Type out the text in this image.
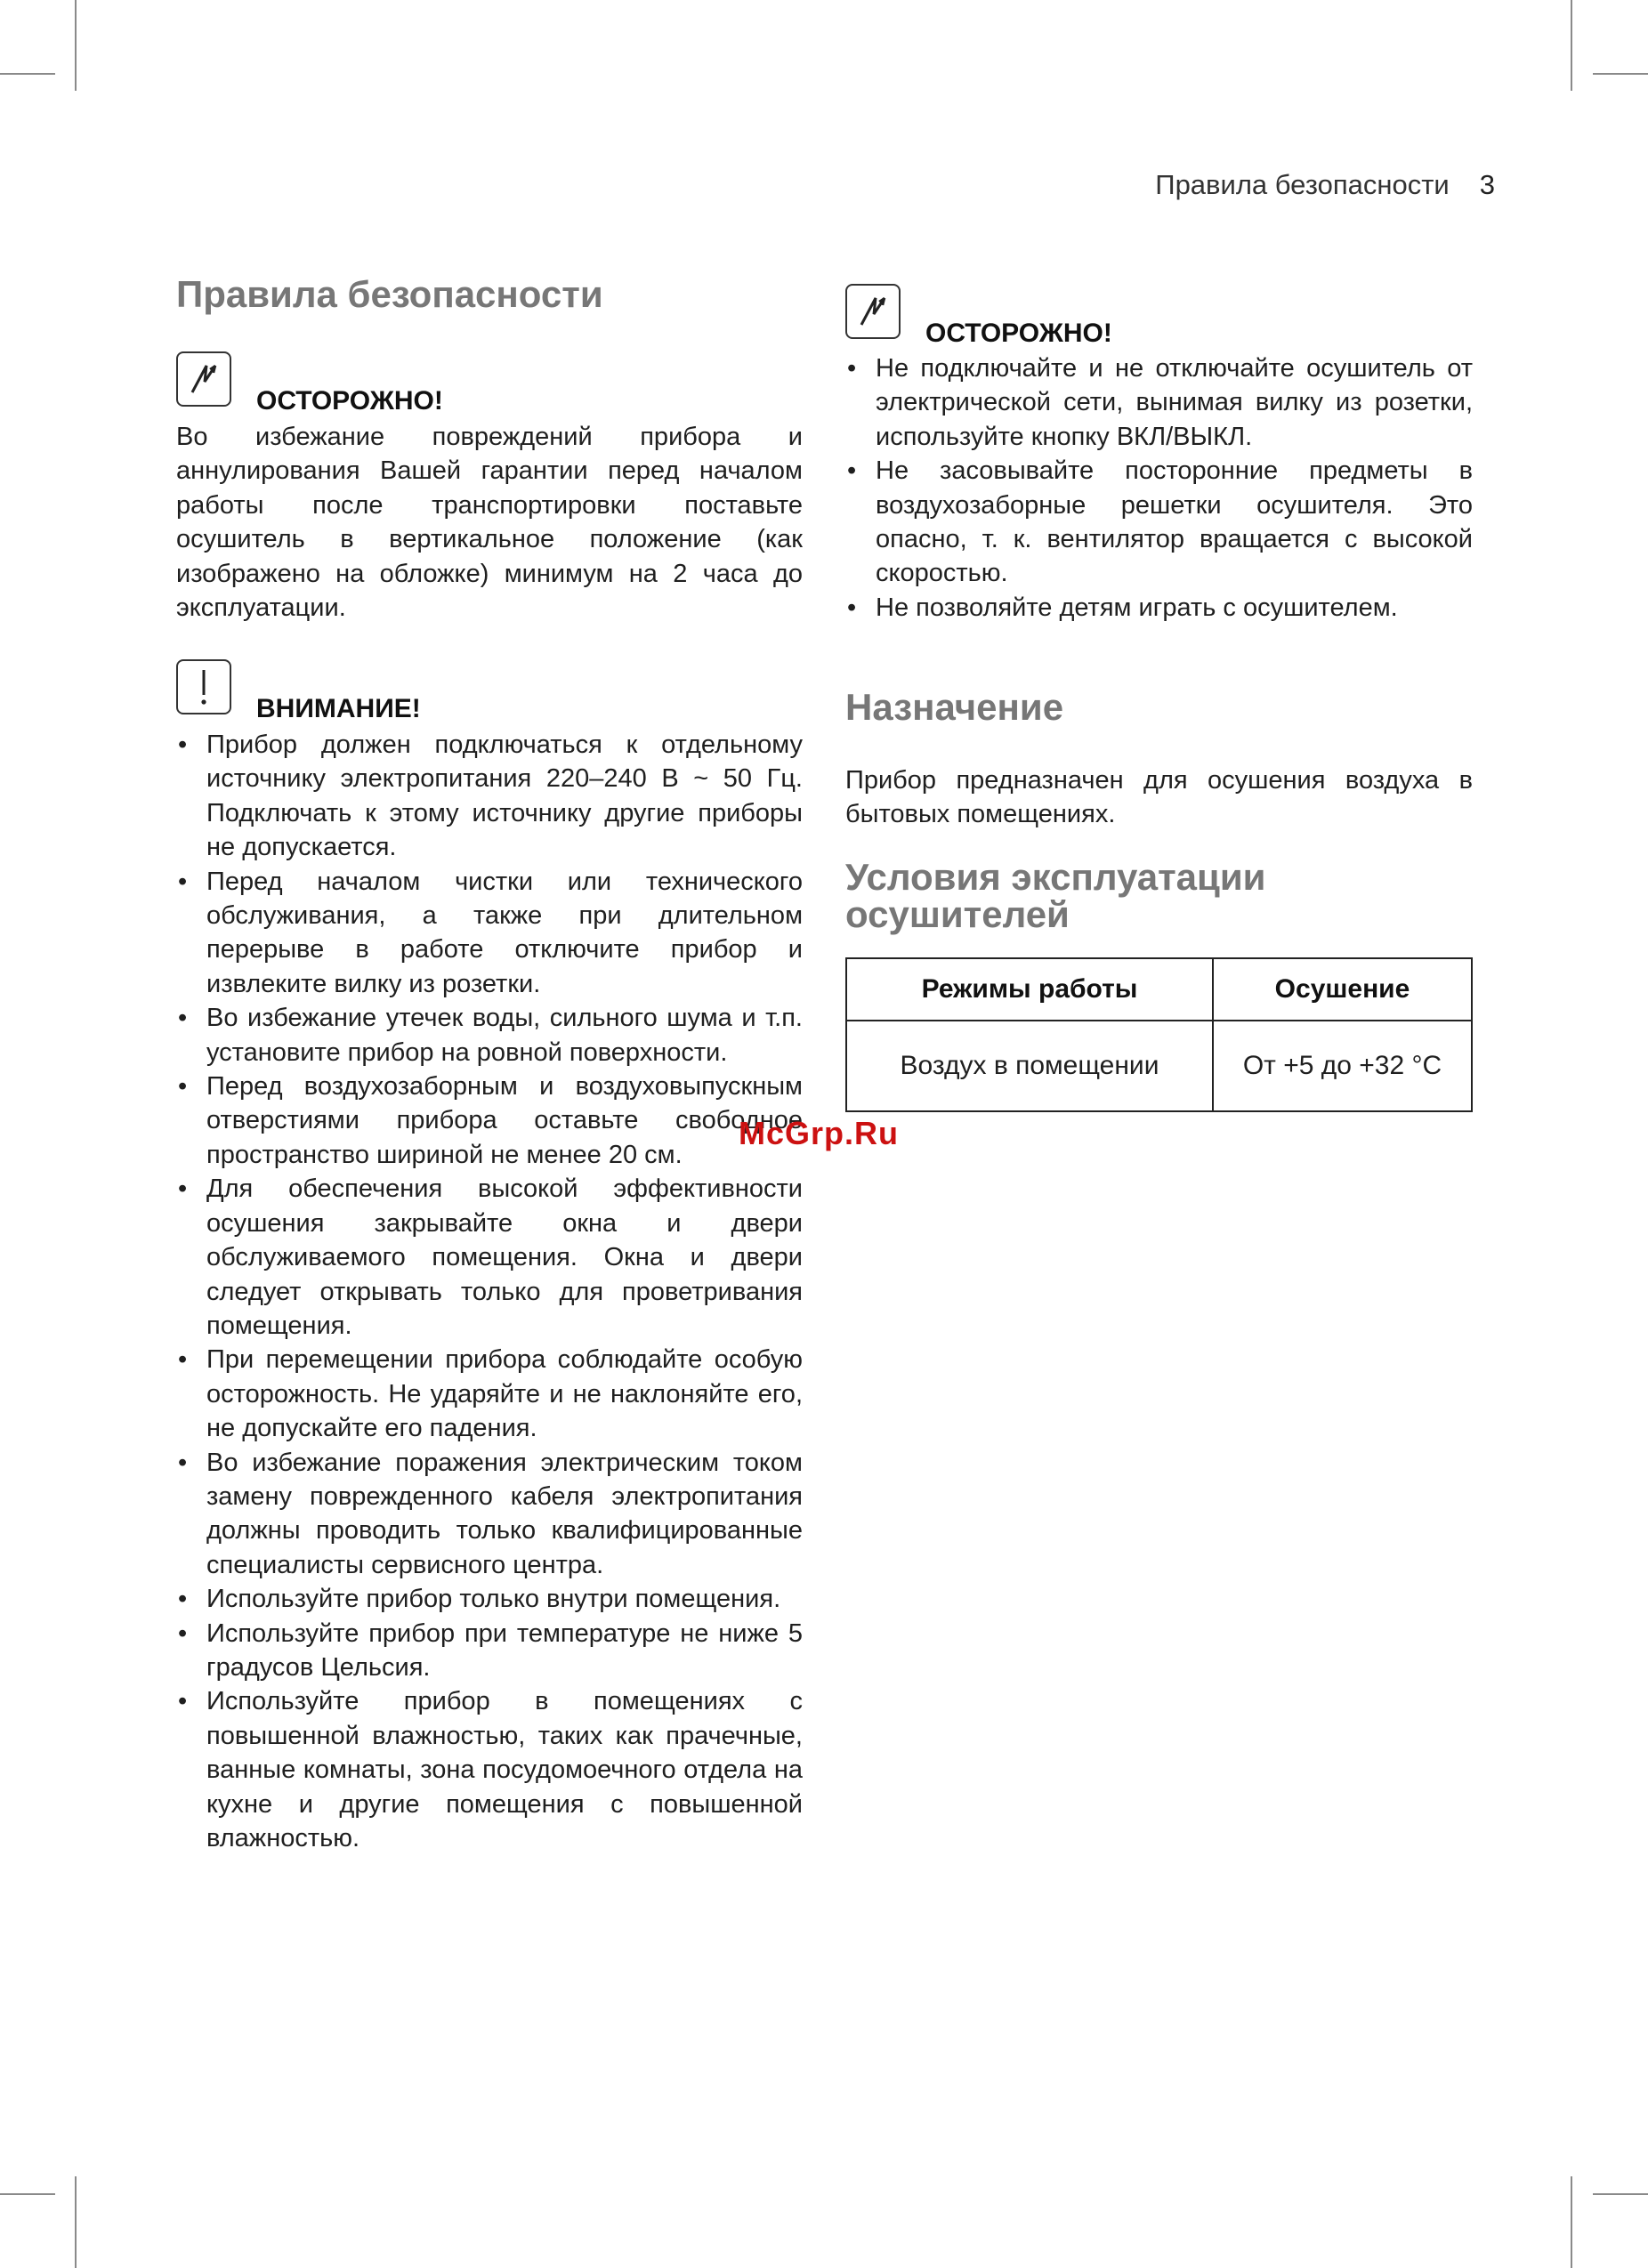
Правила безопасности 3
Правила безопасности
ОСТОРОЖНО!

Во избежание повреждений прибора и аннулирования Вашей гарантии перед началом работы после транспортировки поставьте осушитель в вертикальное положение (как изображено на обложке) минимум на 2 часа до эксплуатации.

ВНИМАНИЕ!
• Прибор должен подключаться к отдельному источнику электропитания 220–240 В ~ 50 Гц. Подключать к этому источнику другие приборы не допускается.
• Перед началом чистки или технического обслуживания, а также при длительном перерыве в работе отключите прибор и извлеките вилку из розетки.
• Во избежание утечек воды, сильного шума и т.п. установите прибор на ровной поверхности.
• Перед воздухозаборным и воздуховыпускным отверстиями прибора оставьте свободное пространство шириной не менее 20 см.
• Для обеспечения высокой эффективности осушения закрывайте окна и двери обслуживаемого помещения. Окна и двери следует открывать только для проветривания помещения.
• При перемещении прибора соблюдайте особую осторожность. Не ударяйте и не наклоняйте его, не допускайте его падения.
• Во избежание поражения электрическим током замену поврежденного кабеля электропитания должны проводить только квалифицированные специалисты сервисного центра.
• Используйте прибор только внутри помещения.
• Используйте прибор при температуре не ниже 5 градусов Цельсия.
• Используйте прибор в помещениях с повышенной влажностью, таких как прачечные, ванные комнаты, зона посудомоечного отдела на кухне и другие помещения с повышенной влажностью.
ОСТОРОЖНО!
• Не подключайте и не отключайте осушитель от электрической сети, вынимая вилку из розетки, используйте кнопку ВКЛ/ВЫКЛ.
• Не засовывайте посторонние предметы в воздухозаборные решетки осушителя. Это опасно, т. к. вентилятор вращается с высокой скоростью.
• Не позволяйте детям играть с осушителем.
Назначение

Прибор предназначен для осушения воздуха в бытовых помещениях.

Условия эксплуатации
осушителей
Режимы работы	Осушение
Воздух в помещении	От +5 до +32 °C
McGrp.Ru
